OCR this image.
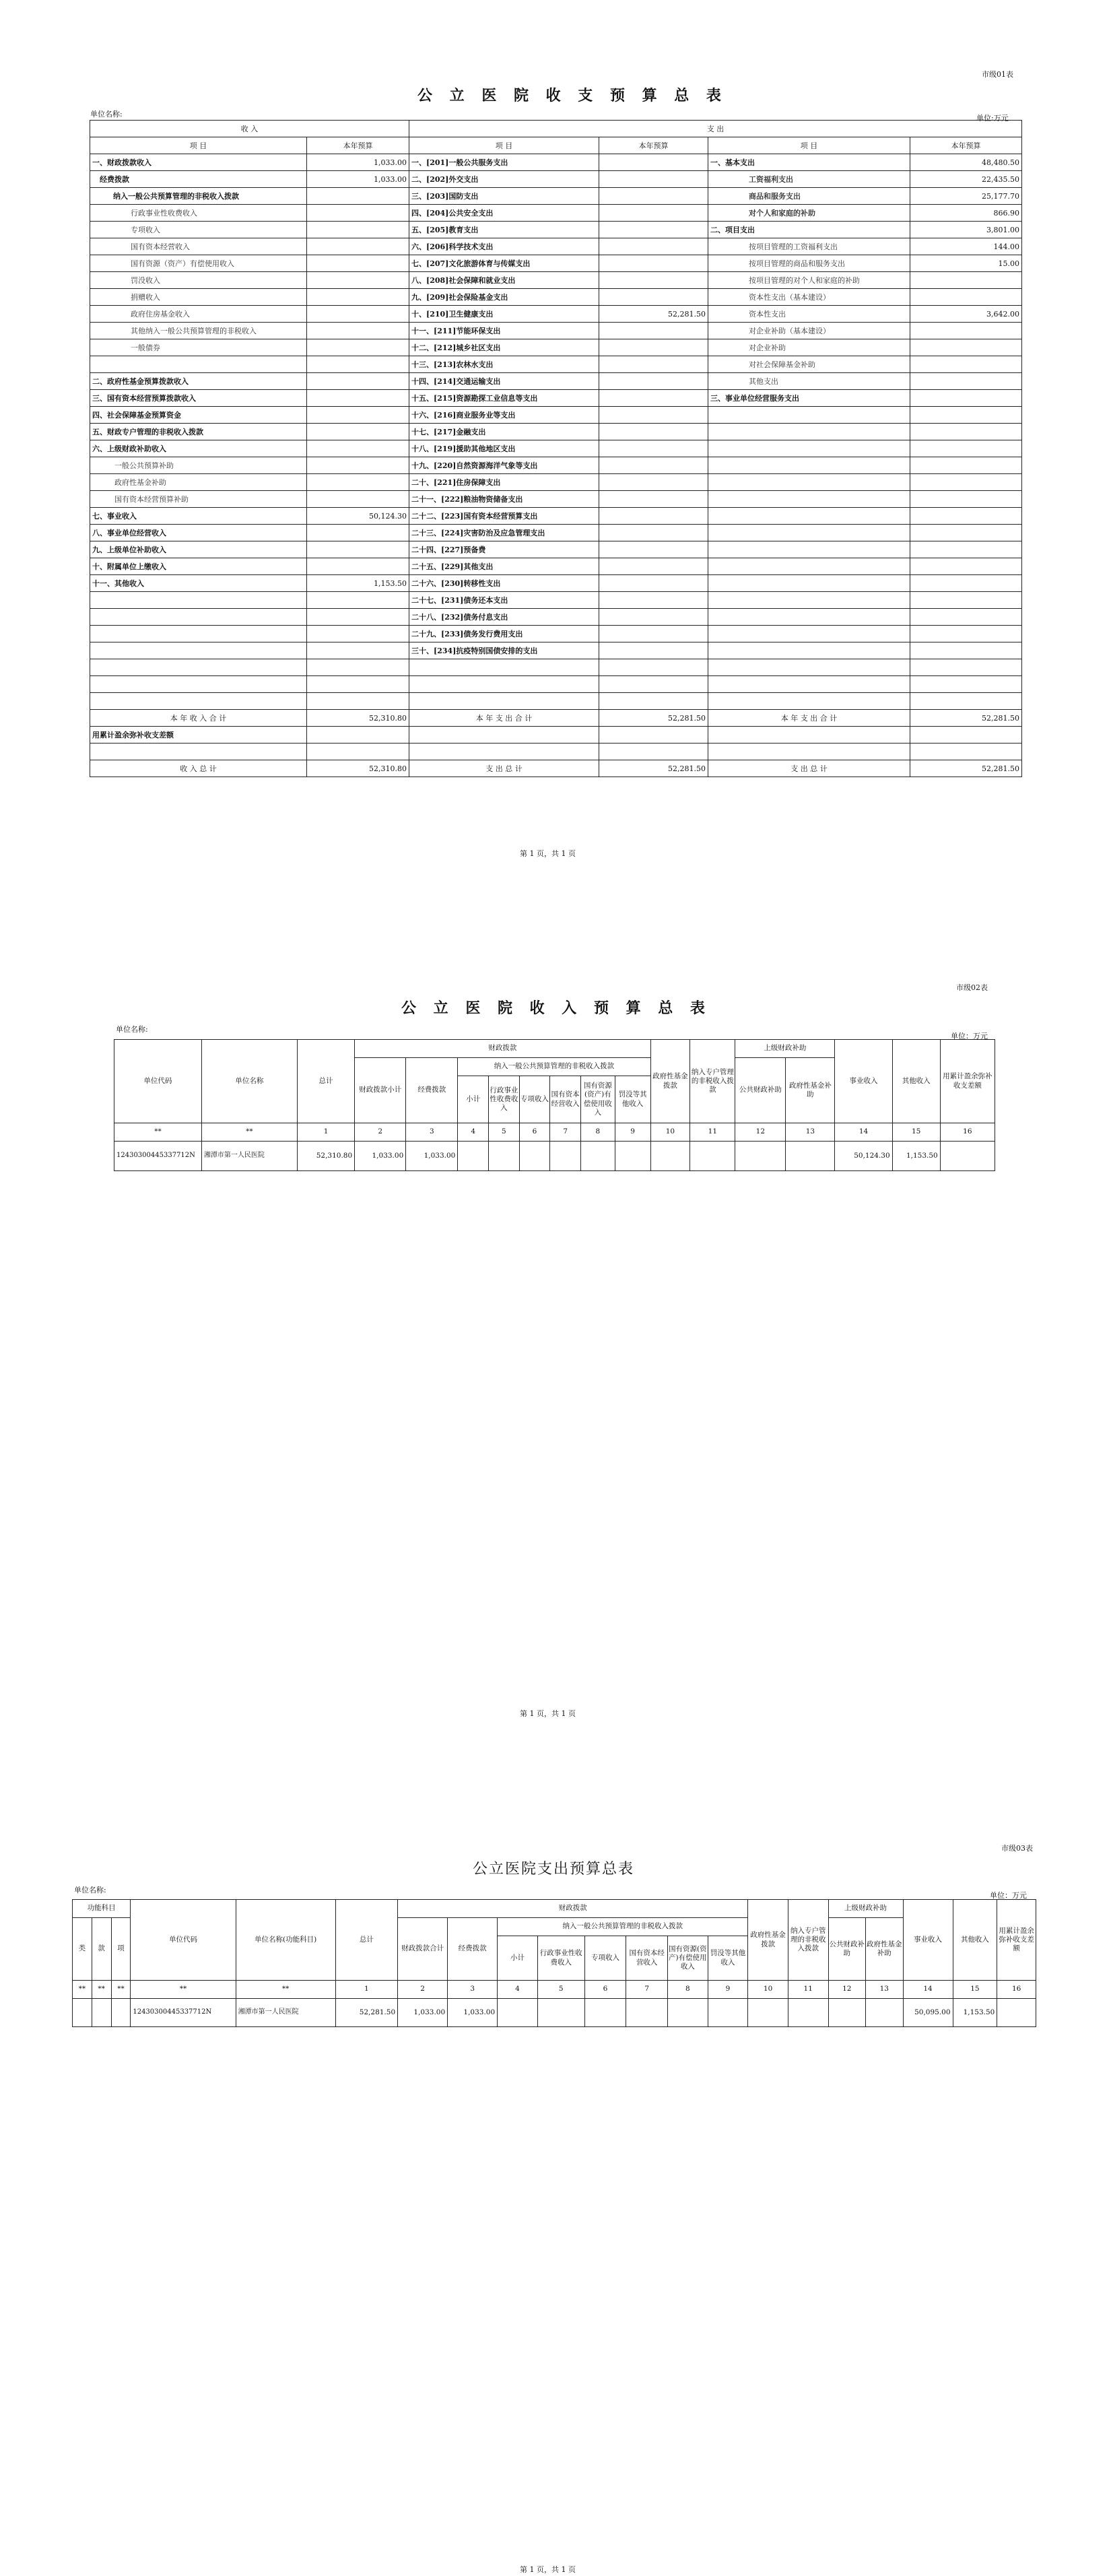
市级01表
公 立 医 院 收 支 预 算 总 表
单位名称:	单位:万元
收 入		支 出			
项 目	本年预算	项 目	本年预算	项 目	本年预算
一、财政拨款收入	1,033.00	一、[201]一般公共服务支出		一、基本支出	48,480.50
经费拨款	1,033.00	二、[202]外交支出		工资福利支出	22,435.50
纳入一般公共预算管理的非税收入拨款		三、[203]国防支出		商品和服务支出	25,177.70
行政事业性收费收入		四、[204]公共安全支出		对个人和家庭的补助	866.90
专项收入		五、[205]教育支出		二、项目支出	3,801.00
国有资本经营收入		六、[206]科学技术支出		按项目管理的工资福利支出	144.00
国有资源（资产）有偿使用收入		七、[207]文化旅游体育与传媒支出		按项目管理的商品和服务支出	15.00
罚没收入		八、[208]社会保障和就业支出		按项目管理的对个人和家庭的补助	
捐赠收入		九、[209]社会保险基金支出		资本性支出（基本建设）	
政府住房基金收入		十、[210]卫生健康支出	52,281.50	资本性支出	3,642.00
其他纳入一般公共预算管理的非税收入		十一、[211]节能环保支出		对企业补助（基本建设）	
一般债券		十二、[212]城乡社区支出		对企业补助	
		十三、[213]农林水支出		对社会保障基金补助	
二、政府性基金预算拨款收入		十四、[214]交通运输支出		其他支出	
三、国有资本经营预算拨款收入		十五、[215]资源勘探工业信息等支出		三、事业单位经营服务支出	
四、社会保障基金预算资金		十六、[216]商业服务业等支出			
五、财政专户管理的非税收入拨款		十七、[217]金融支出			
六、上级财政补助收入		十八、[219]援助其他地区支出			
一般公共预算补助		十九、[220]自然资源海洋气象等支出			
政府性基金补助		二十、[221]住房保障支出			
国有资本经营预算补助		二十一、[222]粮油物资储备支出			
七、事业收入	50,124.30	二十二、[223]国有资本经营预算支出			
八、事业单位经营收入		二十三、[224]灾害防治及应急管理支出			
九、上级单位补助收入		二十四、[227]预备费			
十、附属单位上缴收入		二十五、[229]其他支出			
十一、其他收入	1,153.50	二十六、[230]转移性支出			
		二十七、[231]债务还本支出			
		二十八、[232]债务付息支出			
		二十九、[233]债务发行费用支出			
		三十、[234]抗疫特别国债安排的支出			

本 年 收 入 合 计	52,310.80	本 年 支 出 合 计	52,281.50	本 年 支 出 合 计	52,281.50
用累计盈余弥补收支差额					

收 入 总 计	52,310.80	支 出 总 计	52,281.50	支 出 总 计	52,281.50
第 1 页，共 1 页
市级02表
公 立 医 院 收 入 预 算 总 表
单位名称:
单位：万元
单位代码	单位名称	总计	财政拨款								政府性基金拨款	纳入专户管理的非税收入拨款	上级财政补助		事业收入	其他收入	用累计盈余弥补收支差额
			财政拨款小计	经费拨款	纳入一般公共预算管理的非税收入拨款								公共财政补助	政府性基金补助			
					小计	行政事业性收费收入	专项收入	国有资本经营收入	国有资源(资产)有偿使用收入	罚没等其他收入							

**	**	1	2	3	4	5	6	7	8	9	10	11	12	13	14	15	16
12430300445337712N	湘潭市第一人民医院	52,310.80	1,033.00	1,033.00											50,124.30	1,153.50	
第 1 页，共 1 页
市级03表
公立医院支出预算总表
单位名称:
单位：万元
功能科目			单位代码	单位名称(功能科目)	总计	财政拨款								政府性基金拨款	纳入专户管理的非税收入拨款	上级财政补助		事业收入	其他收入	用累计盈余弥补收支差额
类	款	项				财政拨款合计	经费拨款	纳入一般公共预算管理的非税收入拨款								公共财政补助	政府性基金补助			
								小计	行政事业性收费收入	专项收入	国有资本经营收入	国有资源(资产)有偿使用收入	罚没等其他收入							

**	**	**	**	**	1	2	3	4	5	6	7	8	9	10	11	12	13	14	15	16
			12430300445337712N	湘潭市第一人民医院	52,281.50	1,033.00	1,033.00											50,095.00	1,153.50	
第 1 页，共 1 页
